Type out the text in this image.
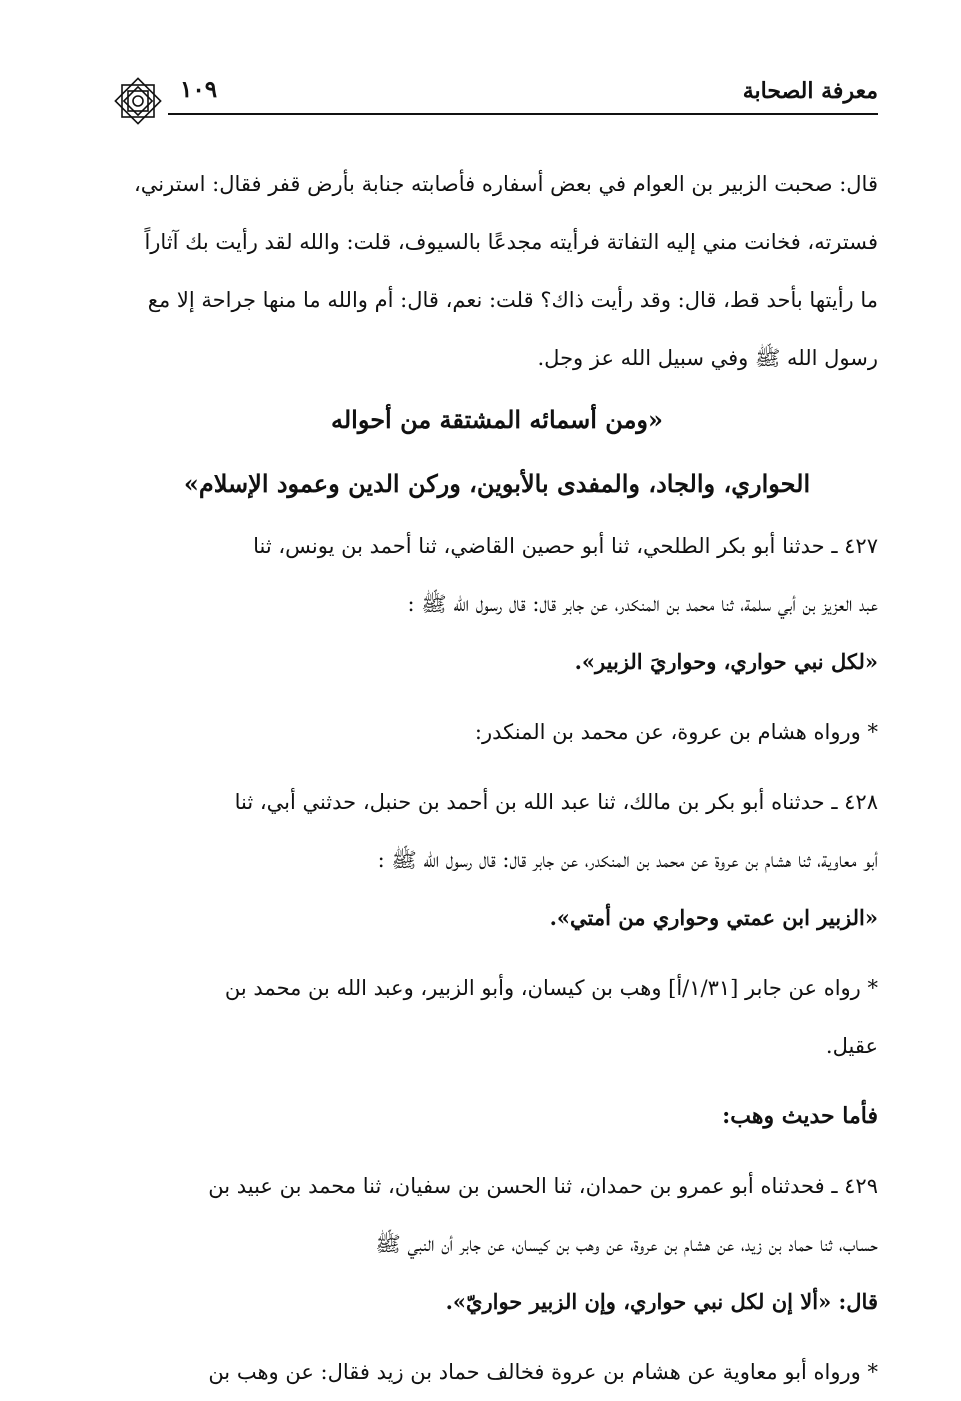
١٠٩	معرفة الصحابة

قال: صحبت الزبير بن العوام في بعض أسفاره فأصابته جنابة بأرض قفر فقال: استرني،

فسترته، فخانت مني إليه التفاتة فرأيته مجدعًا بالسيوف، قلت: والله لقد رأيت بك آثاراً

ما رأيتها بأحد قط، قال: وقد رأيت ذاك؟ قلت: نعم، قال: أم والله ما منها جراحة إلا مع

رسول الله ﷺ وفي سبيل الله عز وجل.

«ومن أسمائه المشتقة من أحواله

الحواري، والجاد، والمفدى بالأبوين، وركن الدين وعمود الإسلام»

٤٢٧ ـ حدثنا أبو بكر الطلحي، ثنا أبو حصين القاضي، ثنا أحمد بن يونس، ثنا

عبد العزيز بن أبي سلمة، ثنا محمد بن المنكدر، عن جابر قال: قال رسول الله ﷺ :

«لكل نبي حواري، وحواريَ الزبير».

* ورواه هشام بن عروة، عن محمد بن المنكدر:

٤٢٨ ـ حدثناه أبو بكر بن مالك، ثنا عبد الله بن أحمد بن حنبل، حدثني أبي، ثنا

أبو معاوية، ثنا هشام بن عروة عن محمد بن المنكدر، عن جابر قال: قال رسول الله ﷺ :

«الزبير ابن عمتي وحواري من أمتي».

* رواه عن جابر [١/٣١/أ] وهب بن كيسان، وأبو الزبير، وعبد الله بن محمد بن

عقيل.

فأما حديث وهب:

٤٢٩ ـ فحدثناه أبو عمرو بن حمدان، ثنا الحسن بن سفيان، ثنا محمد بن عبيد بن

حساب، ثنا حماد بن زيد، عن هشام بن عروة، عن وهب بن كيسان، عن جابر أن النبي ﷺ

قال: «ألا إن لكل نبي حواري، وإن الزبير حواريّ».

* ورواه أبو معاوية عن هشام بن عروة فخالف حماد بن زيد فقال: عن وهب بن
